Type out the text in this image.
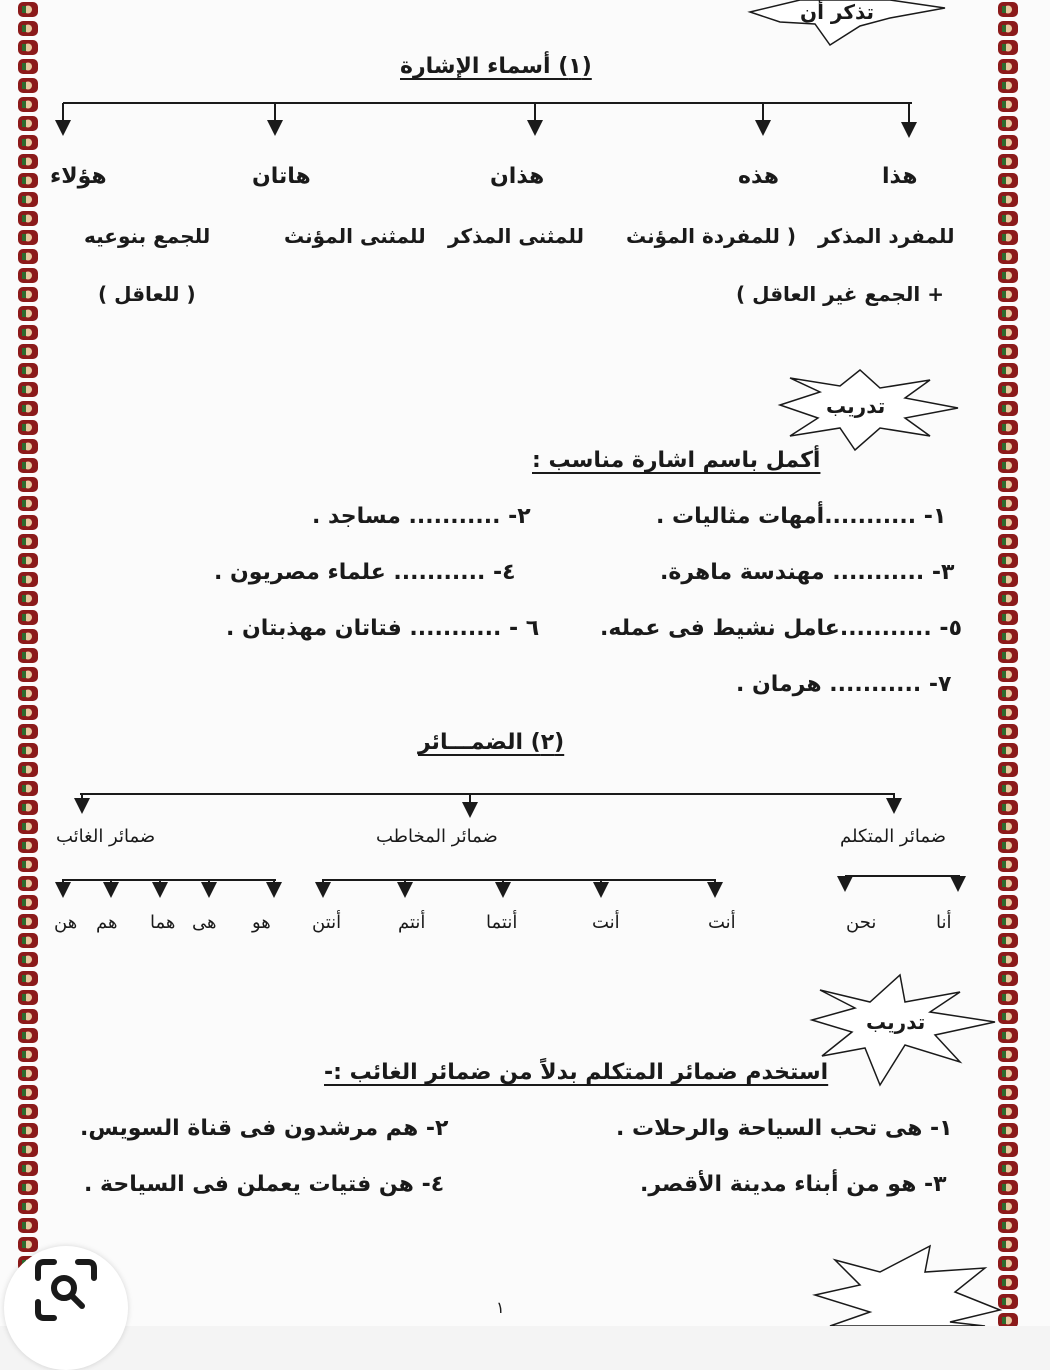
تذكر أن
(١) أسماء الإشارة
هذا
هذه
هذان
هاتان
هؤلاء
للمفرد المذكر
( للمفردة المؤنث
للمثنى المذكر
للمثنى المؤنث
للجمع بنوعيه
+ الجمع غير العاقل )
( للعاقل )
تدريب
أكمل باسم اشارة مناسب :
١- ...........أمهات مثاليات .
٢- ........... مساجد .
٣- ........... مهندسة ماهرة.
٤- ........... علماء مصريون .
٥- ...........عامل نشيط فى عمله.
٦ - ........... فتاتان مهذبتان .
٧- ........... هرمان .
(٢) الضمـــائر
ضمائر المتكلم
ضمائر المخاطب
ضمائر الغائب
أنا
نحن
أنت
أنت
أنتما
أنتم
أنتن
هو
هى
هما
هم
هن
تدريب
استخدم ضمائر المتكلم بدلاً من ضمائر الغائب :-
١- هى تحب السياحة والرحلات .
٢- هم مرشدون فى قناة السويس.
٣- هو من أبناء مدينة الأقصر.
٤- هن فتيات يعملن فى السياحة .
١
